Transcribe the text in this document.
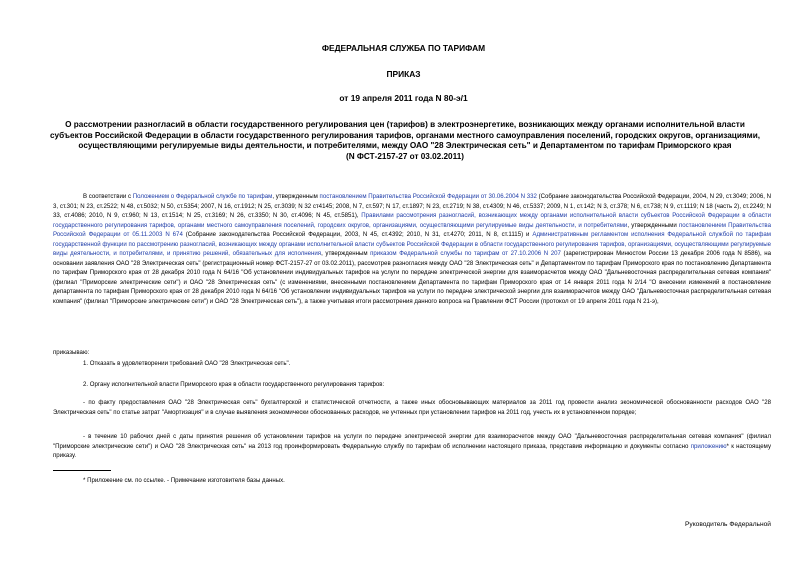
ФЕДЕРАЛЬНАЯ СЛУЖБА ПО ТАРИФАМ
ПРИКАЗ
от 19 апреля 2011 года N 80-э/1
О рассмотрении разногласий в области государственного регулирования цен (тарифов) в электроэнергетике, возникающих между органами исполнительной власти субъектов Российской Федерации в области государственного регулирования тарифов, органами местного самоуправления поселений, городских округов, организациями, осуществляющими регулируемые виды деятельности, и потребителями, между ОАО "28 Электрическая сеть" и Департаментом по тарифам Приморского края
(N ФСТ-2157-27 от 03.02.2011)
В соответствии с Положением о Федеральной службе по тарифам, утвержденным постановлением Правительства Российской Федерации от 30.06.2004 N 332 (Собрание законодательства Российской Федерации, 2004, N 29, ст.3049; 2006, N 3, ст.301; N 23, ст.2522; N 48, ст.5032; N 50, ст.5354; 2007, N 16, ст.1912; N 25, ст.3039; N 32 ст4145; 2008, N 7, ст.597; N 17, ст.1897; N 23, ст.2719; N 38, ст.4309; N 46, ст.5337; 2009, N 1, ст.142; N 3, ст.378; N 6, ст.738; N 9, ст.1119; N 18 (часть 2), ст.2249; N 33, ст.4086; 2010, N 9, ст.960; N 13, ст.1514; N 25, ст.3169; N 26, ст.3350; N 30, ст.4096; N 45, ст.5851), Правилами рассмотрения разногласий, возникающих между органами исполнительной власти субъектов Российской Федерации в области государственного регулирования тарифов, органами местного самоуправления поселений, городских округов, организациями, осуществляющими регулируемые виды деятельности, и потребителями, утвержденными постановлением Правительства Российской Федерации от 05.11.2003 N 674 (Собрание законодательства Российской Федерации, 2003, N 45, ст.4392; 2010, N 31, ст.4270; 2011, N 8, ст.1115) и Административным регламентом исполнения Федеральной службой по тарифам государственной функции по рассмотрению разногласий, возникающих между органами исполнительной власти субъектов Российской Федерации в области государственного регулирования тарифов, организациями, осуществляющими регулируемые виды деятельности, и потребителями, и принятию решений, обязательных для исполнения, утвержденным приказом Федеральной службы по тарифам от 27.10.2006 N 207 (зарегистрирован Минюстом России 13 декабря 2006 года N 8586), на основании заявления ОАО "28 Электрическая сеть" (регистрационный номер ФСТ-2157-27 от 03.02.2011), рассмотрев разногласия между ОАО "28 Электрическая сеть" и Департаментом по тарифам Приморского края по постановлению Департамента по тарифам Приморского края от 28 декабря 2010 года N 64/16 "Об установлении индивидуальных тарифов на услуги по передаче электрической энергии для взаиморасчетов между ОАО "Дальневосточная распределительная сетевая компания" (филиал "Приморские электрические сети") и ОАО "28 Электрическая сеть" (с изменениями, внесенными постановлением Департамента по тарифам Приморского края от 14 января 2011 года N 2/14 "О внесении изменений в постановление департамента по тарифам Приморского края от 28 декабря 2010 года N 64/16 "Об установлении индивидуальных тарифов на услуги по передаче электрической энергии для взаиморасчетов между ОАО "Дальневосточная распределительная сетевая компания" (филиал "Приморские электрические сети") и ОАО "28 Электрическая сеть"), а также учитывая итоги рассмотрения данного вопроса на Правлении ФСТ России (протокол от 19 апреля 2011 года N 21-э),
приказываю:
1. Отказать в удовлетворении требований ОАО "28 Электрическая сеть".
2. Органу исполнительной власти Приморского края в области государственного регулирования тарифов:
- по факту предоставления ОАО "28 Электрическая сеть" бухгалтерской и статистической отчетности, а также иных обосновывающих материалов за 2011 год провести анализ экономической обоснованности расходов ОАО "28 Электрическая сеть" по статье затрат "Амортизация" и в случае выявления экономически обоснованных расходов, не учтенных при установлении тарифов на 2011 год, учесть их в установленном порядке;
- в течение 10 рабочих дней с даты принятия решения об установлении тарифов на услуги по передаче электрической энергии для взаиморасчетов между ОАО "Дальневосточная распределительная сетевая компания" (филиал "Приморские электрические сети") и ОАО "28 Электрическая сеть" на 2013 год проинформировать Федеральную службу по тарифам об исполнении настоящего приказа, представив информацию и документы согласно приложению* к настоящему приказу.
* Приложение см. по ссылке. - Примечание изготовителя базы данных.
Руководитель Федеральной
